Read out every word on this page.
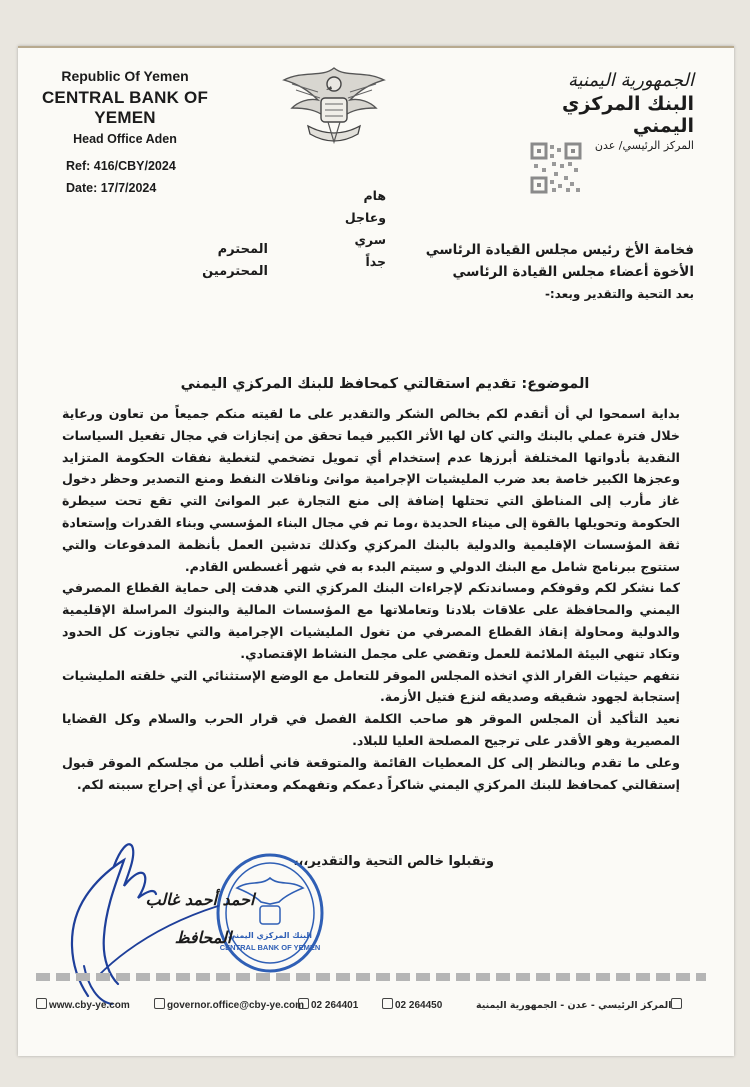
Republic Of Yemen
CENTRAL BANK OF YEMEN
Head Office Aden
Ref: 416/CBY/2024
Date: 17/7/2024
الجمهورية اليمنية
البنك المركزي اليمني
المركز الرئيسي/ عدن
هام وعاجل
سري جداً
فخامة الأخ رئيس مجلس القيادة الرئاسي
الأخوة أعضاء مجلس القيادة الرئاسي
بعد التحية والتقدير وبعد:-
المحترم
المحترمين
الموضوع: تقديم استقالتي كمحافظ للبنك المركزي اليمني

بداية اسمحوا لي أن أتقدم لكم بخالص الشكر والتقدير على ما لقيته منكم جميعاً من تعاون ورعاية خلال فترة عملي بالبنك والتي كان لها الأثر الكبير فيما تحقق من إنجازات في مجال تفعيل السياسات النقدية بأدواتها المختلفة أبرزها عدم إستخدام أي تمويل تضخمي لتغطية نفقات الحكومة المتزايد وعجزها الكبير خاصة بعد ضرب المليشيات الإجرامية موانئ وناقلات النفط ومنع التصدير وحظر دخول غاز مأرب إلى المناطق التي تحتلها إضافة إلى منع التجارة عبر الموانئ التي تقع تحت سيطرة الحكومة وتحويلها بالقوة إلى ميناء الحديدة ،وما تم في مجال البناء المؤسسي وبناء القدرات وإستعادة ثقة المؤسسات الإقليمية والدولية بالبنك المركزي وكذلك تدشين العمل بأنظمة المدفوعات والتي ستتوج ببرنامج شامل مع البنك الدولي و سيتم البدء به في شهر أغسطس القادم.

كما نشكر لكم وقوفكم ومساندتكم لإجراءات البنك المركزي التي هدفت إلى حماية القطاع المصرفي اليمني والمحافظة على علاقات بلادنا وتعاملاتها مع المؤسسات المالية والبنوك المراسلة الإقليمية والدولية ومحاولة إنقاذ القطاع المصرفي من تغول المليشيات الإجرامية والتي تجاوزت كل الحدود وتكاد تنهي البيئة الملائمة للعمل وتقضي على مجمل النشاط الإقتصادي.

نتفهم حيثيات القرار الذي اتخذه المجلس الموقر للتعامل مع الوضع الإستثنائي التي خلقته المليشيات إستجابة لجهود شقيقه وصديقه لنزع فتيل الأزمة.

نعيد التأكيد أن المجلس الموقر هو صاحب الكلمة الفصل في قرار الحرب والسلام وكل القضايا المصيرية وهو الأقدر على ترجيح المصلحة العليا للبلاد.

وعلى ما تقدم وبالنظر إلى كل المعطيات القائمة والمتوقعة فاني أطلب من مجلسكم الموقر قبول إستقالتي كمحافظ للبنك المركزي اليمني شاكراً دعمكم وتفهمكم ومعتذراً عن أي إحراج سببته لكم.

وتقبلوا خالص التحية والتقدير،،،
البنك المركزي اليمني
CENTRAL BANK OF YEMEN
احمد أحمد غالب
المحافظ
www.cby-ye.com	governor.office@cby-ye.com 02 264401	02 264450	المركز الرئيسي - عدن - الجمهورية اليمنية
